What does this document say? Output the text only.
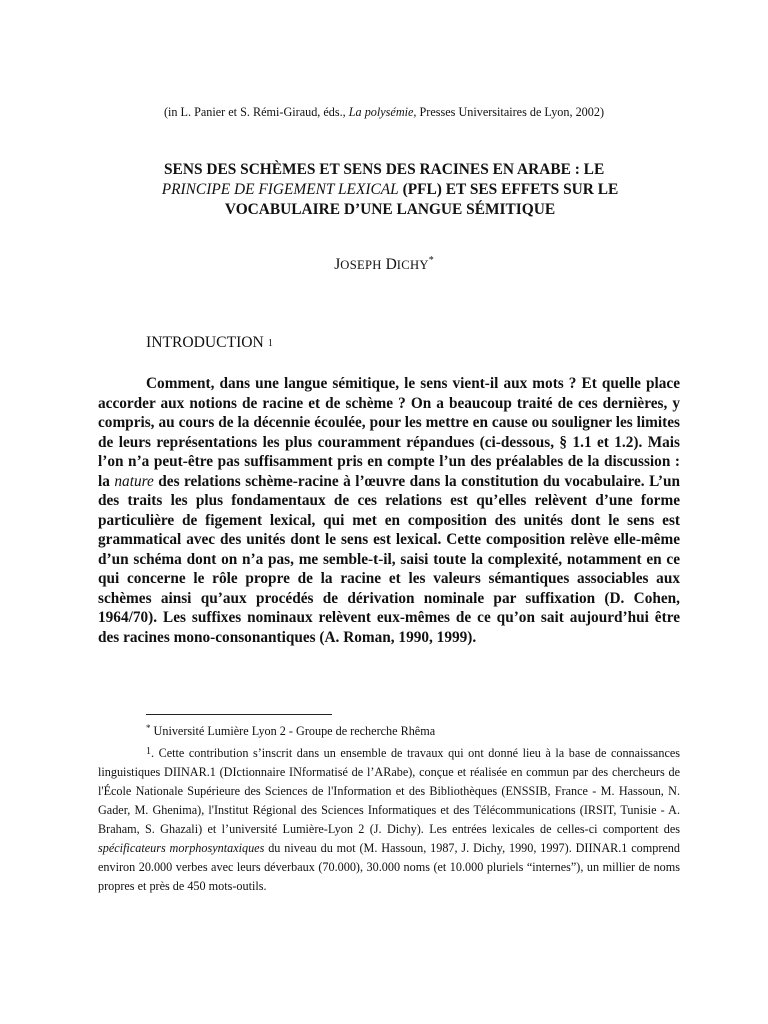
(in L. Panier et S. Rémi-Giraud, éds., La polysémie, Presses Universitaires de Lyon, 2002)
SENS DES SCHÈMES ET SENS DES RACINES EN ARABE : LE
PRINCIPE DE FIGEMENT LEXICAL (PFL) ET SES EFFETS SUR LE
VOCABULAIRE D’UNE LANGUE SÉMITIQUE
JOSEPH DICHY*
INTRODUCTION $^1$

Comment, dans une langue sémitique, le sens vient-il aux mots ? Et quelle place accorder aux notions de racine et de schème ? On a beaucoup traité de ces dernières, y compris, au cours de la décennie écoulée, pour les mettre en cause ou souligner les limites de leurs représentations les plus couramment répandues (ci-dessous, § 1.1 et 1.2). Mais l’on n’a peut-être pas suffisamment pris en compte l’un des préalables de la discussion : la nature des relations schème-racine à l’œuvre dans la constitution du vocabulaire. L’un des traits les plus fondamentaux de ces relations est qu’elles relèvent d’une forme particulière de figement lexical, qui met en composition des unités dont le sens est grammatical avec des unités dont le sens est lexical. Cette composition relève elle-même d’un schéma dont on n’a pas, me semble-t-il, saisi toute la complexité, notamment en ce qui concerne le rôle propre de la racine et les valeurs sémantiques associables aux schèmes ainsi qu’aux procédés de dérivation nominale par suffixation (D. Cohen, 1964/70). Les suffixes nominaux relèvent eux-mêmes de ce qu’on sait aujourd’hui être des racines mono-consonantiques (A. Roman, 1990, 1999).

* Université Lumière Lyon 2 - Groupe de recherche Rhêma

$^1$. Cette contribution s’inscrit dans un ensemble de travaux qui ont donné lieu à la base de connaissances linguistiques DIINAR.1 (DIctionnaire INformatisé de l’ARabe), conçue et réalisée en commun par des chercheurs de l'École Nationale Supérieure des Sciences de l'Information et des Bibliothèques (ENSSIB, France - M. Hassoun, N. Gader, M. Ghenima), l'Institut Régional des Sciences Informatiques et des Télécommunications (IRSIT, Tunisie - A. Braham, S. Ghazali) et l’université Lumière-Lyon 2 (J. Dichy). Les entrées lexicales de celles-ci comportent des spécificateurs morphosyntaxiques du niveau du mot (M. Hassoun, 1987, J. Dichy, 1990, 1997). DIINAR.1 comprend environ 20.000 verbes avec leurs déverbaux (70.000), 30.000 noms (et 10.000 pluriels “internes”), un millier de noms propres et près de 450 mots-outils.
